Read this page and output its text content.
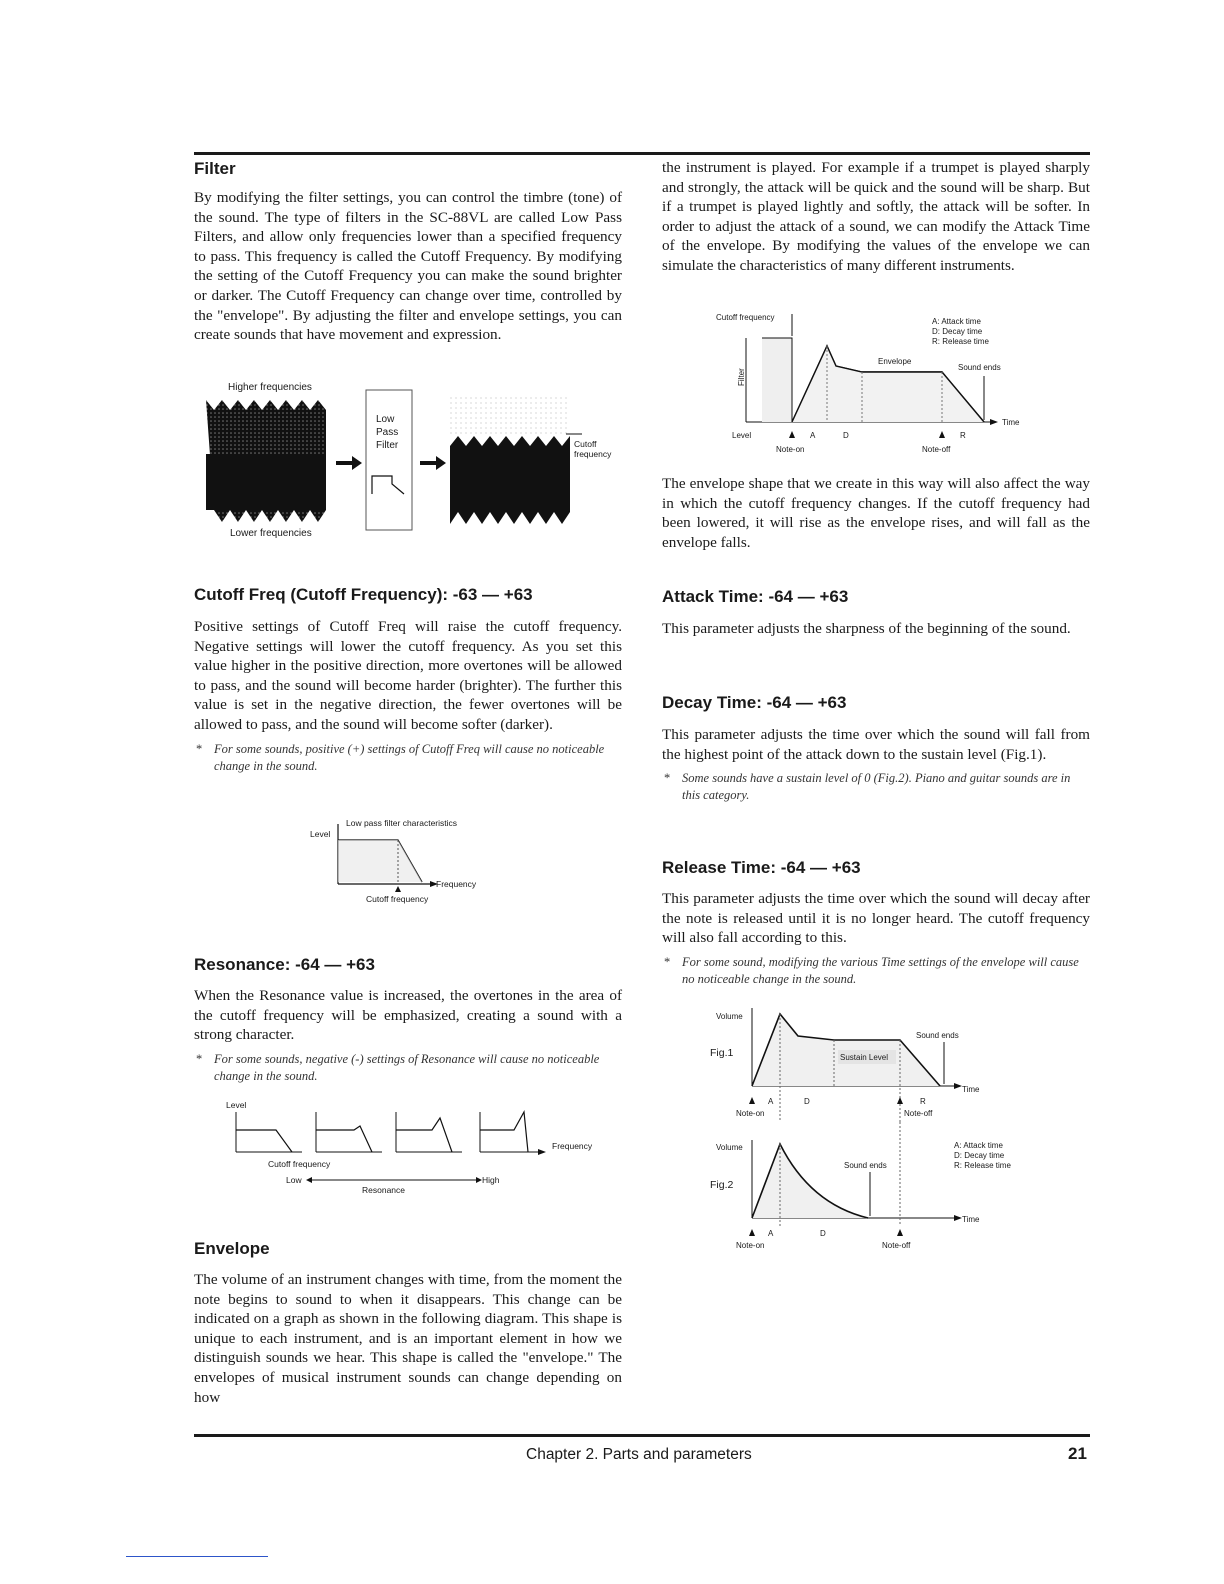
Filter

By modifying the filter settings, you can control the timbre (tone) of the sound. The type of filters in the SC-88VL are called Low Pass Filters, and allow only frequencies lower than a specified frequency to pass. This frequency is called the Cutoff Frequency. By modifying the setting of the Cutoff Frequency you can make the sound brighter or darker. The Cutoff Frequency can change over time, controlled by the "envelope". By adjusting the filter and envelope settings, you can create sounds that have movement and expression.

Higher frequencies
Lower frequencies
Low
Pass
Filter	Cutoff
frequency
Cutoff Freq (Cutoff Frequency): -63 — +63

Positive settings of Cutoff Freq will raise the cutoff frequency. Negative settings will lower the cutoff frequency. As you set this value higher in the positive direction, more overtones will be allowed to pass, and the sound will become harder (brighter). The further this value is set in the negative direction, the fewer overtones will be allowed to pass, and the sound will become softer (darker).

* For some sounds, positive (+) settings of Cutoff Freq will cause no noticeable change in the sound.

Low pass filter characteristics
Level
Frequency
Cutoff frequency
Resonance: -64 — +63

When the Resonance value is increased, the overtones in the area of the cutoff frequency will be emphasized, creating a sound with a strong character.

* For some sounds, negative (-) settings of Resonance will cause no noticeable change in the sound.

Level
Frequency
Cutoff frequency
Low	High
Resonance
Envelope

The volume of an instrument changes with time, from the moment the note begins to sound to when it disappears. This change can be indicated on a graph as shown in the following diagram. This shape is unique to each instrument, and is an important element in how we distinguish sounds we hear. This shape is called the "envelope." The envelopes of musical instrument sounds can change depending on how

the instrument is played. For example if a trumpet is played sharply and strongly, the attack will be quick and the sound will be sharp. But if a trumpet is played lightly and softly, the attack will be softer. In order to adjust the attack of a sound, we can modify the Attack Time of the envelope. By modifying the values of the envelope we can simulate the characteristics of many different instruments.

Cutoff frequency	A: Attack time
D: Decay time
R: Release time
Filter
Envelope
Sound ends
Time
Level	A	D	R
Note-on	Note-off

The envelope shape that we create in this way will also affect the way in which the cutoff frequency changes. If the cutoff frequency had been lowered, it will rise as the envelope rises, and will fall as the envelope falls.

Attack Time: -64 — +63

This parameter adjusts the sharpness of the beginning of the sound.

Decay Time: -64 — +63

This parameter adjusts the time over which the sound will fall from the highest point of the attack down to the sustain level (Fig.1).

* Some sounds have a sustain level of 0 (Fig.2). Piano and guitar sounds are in this category.

Release Time: -64 — +63

This parameter adjusts the time over which the sound will decay after the note is released until it is no longer heard. The cutoff frequency will also fall according to this.

* For some sound, modifying the various Time settings of the envelope will cause no noticeable change in the sound.

Volume
Fig.1
Sound ends
Sustain Level
Time
A	D	R
Note-on	Note-off
Volume	A: Attack time
D: Decay time
R: Release time
Fig.2
Sound ends
Time
A	D
Note-on	Note-off
Chapter 2. Parts and parameters	21
